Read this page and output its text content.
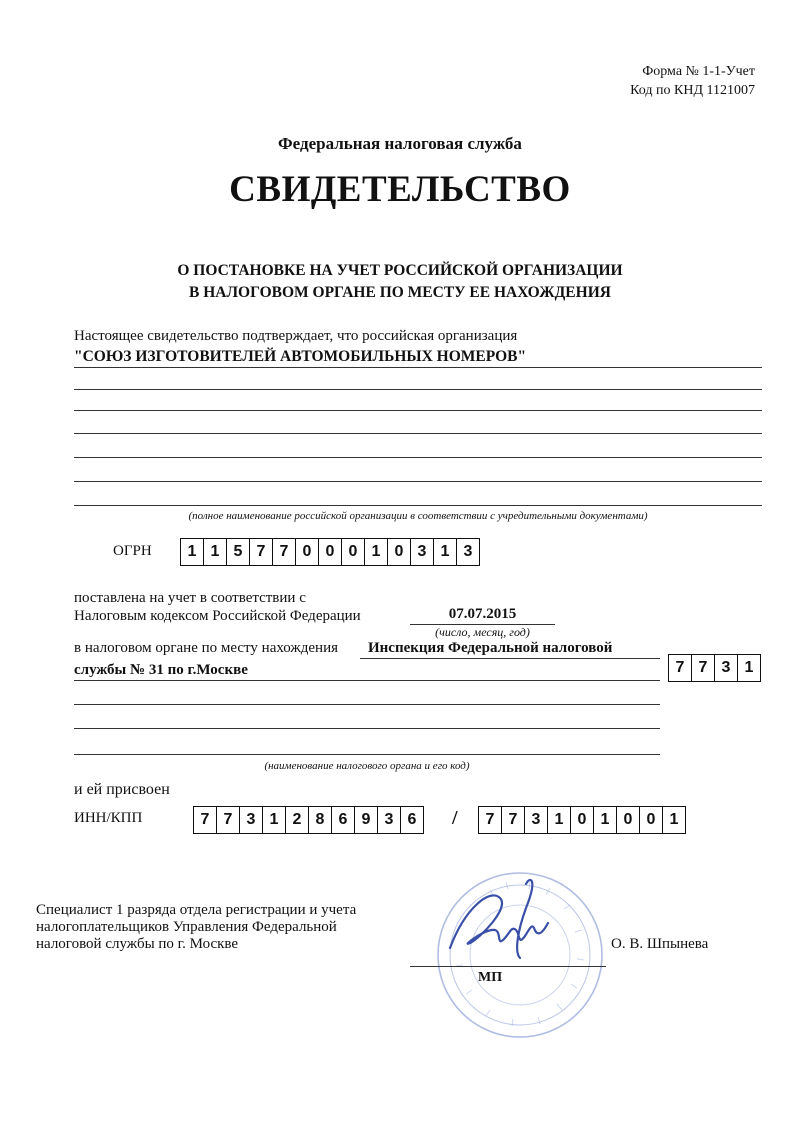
Форма № 1-1-Учет
Код по КНД 1121007
Федеральная налоговая служба
СВИДЕТЕЛЬСТВО
О ПОСТАНОВКЕ НА УЧЕТ РОССИЙСКОЙ ОРГАНИЗАЦИИ
В НАЛОГОВОМ ОРГАНЕ ПО МЕСТУ ЕЕ НАХОЖДЕНИЯ
Настоящее свидетельство подтверждает, что российская организация
"СОЮЗ ИЗГОТОВИТЕЛЕЙ АВТОМОБИЛЬНЫХ НОМЕРОВ"
(полное наименование российской организации в соответствии с учредительными документами)
ОГРН	1 1 5 7 7 0 0 0 1 0 3 1 3
поставлена на учет в соответствии с
Налоговым кодексом Российской Федерации	07.07.2015
(число, месяц, год)
в налоговом органе по месту нахождения Инспекция Федеральной налоговой
службы № 31 по г.Москве	7 7 3 1
(наименование налогового органа и его код)
и ей присвоен
ИНН/КПП	7 7 3 1 2 8 6 9 3 6	/	7 7 3 1 0 1 0 0 1
Специалист 1 разряда отдела регистрации и учета
налогоплательщиков Управления Федеральной
налоговой службы по г. Москве
МП
О. В. Шпынева
